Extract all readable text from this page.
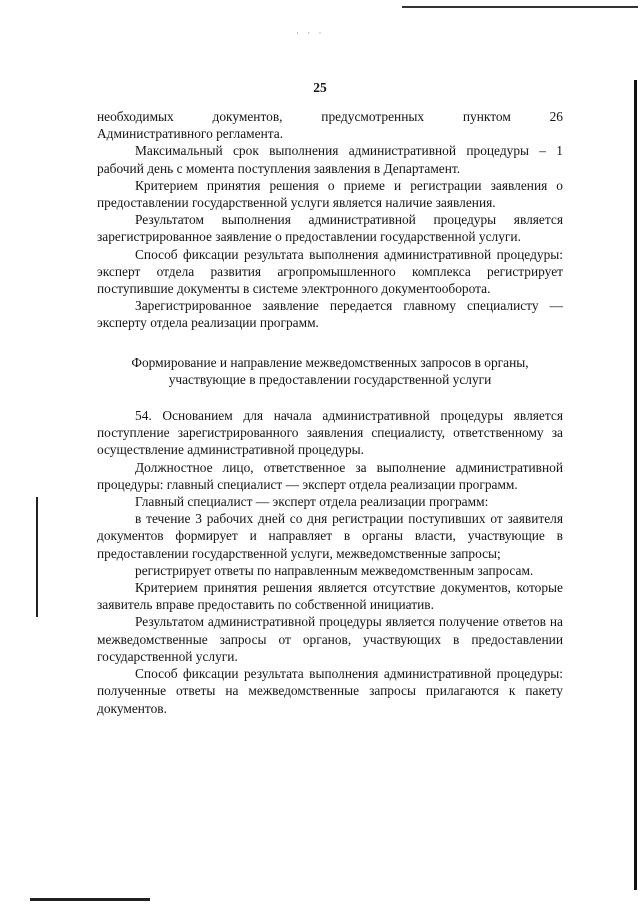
· · ·
25

необходимых документов, предусмотренных пунктом 26
Административного регламента.

Максимальный срок выполнения административной процедуры – 1 рабочий день с момента поступления заявления в Департамент.

Критерием принятия решения о приеме и регистрации заявления о предоставлении государственной услуги является наличие заявления.

Результатом выполнения административной процедуры является зарегистрированное заявление о предоставлении государственной услуги.

Способ фиксации результата выполнения административной процедуры: эксперт отдела развития агропромышленного комплекса регистрирует поступившие документы в системе электронного документооборота.

Зарегистрированное заявление передается главному специалисту — эксперту отдела реализации программ.

Формирование и направление межведомственных запросов в органы,
участвующие в предоставлении государственной услуги

54. Основанием для начала административной процедуры является поступление зарегистрированного заявления специалисту, ответственному за осуществление административной процедуры.

Должностное лицо, ответственное за выполнение административной процедуры: главный специалист — эксперт отдела реализации программ.

Главный специалист — эксперт отдела реализации программ:

в течение 3 рабочих дней со дня регистрации поступивших от заявителя документов формирует и направляет в органы власти, участвующие в предоставлении государственной услуги, межведомственные запросы;

регистрирует ответы по направленным межведомственным запросам.

Критерием принятия решения является отсутствие документов, которые заявитель вправе предоставить по собственной инициатив.

Результатом административной процедуры является получение ответов на межведомственные запросы от органов, участвующих в предоставлении государственной услуги.

Способ фиксации результата выполнения административной процедуры: полученные ответы на межведомственные запросы прилагаются к пакету документов.
